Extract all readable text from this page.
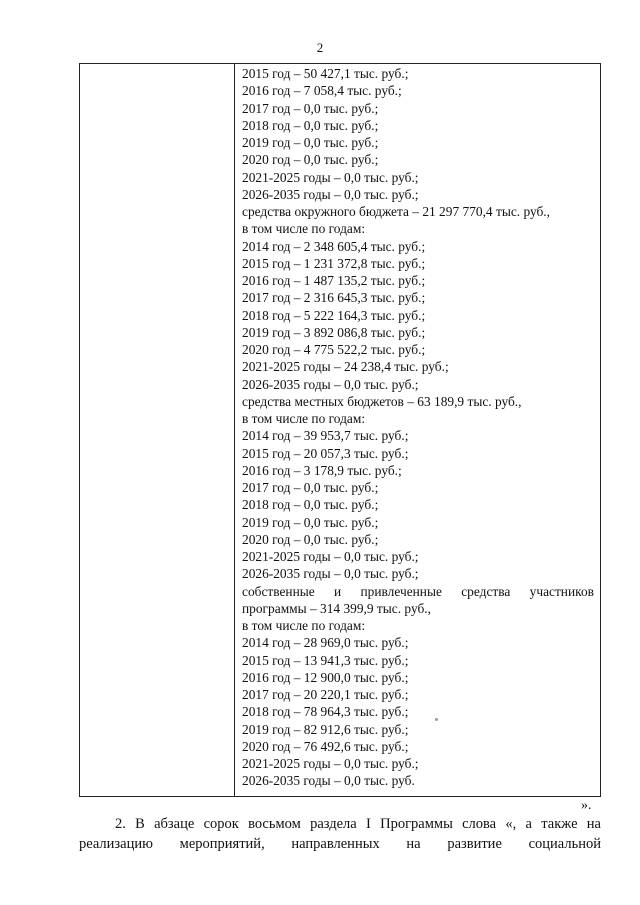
2
2015 год – 50 427,1 тыс. руб.;
2016 год – 7 058,4 тыс. руб.;
2017 год – 0,0 тыс. руб.;
2018 год – 0,0 тыс. руб.;
2019 год – 0,0 тыс. руб.;
2020 год – 0,0 тыс. руб.;
2021-2025 годы – 0,0 тыс. руб.;
2026-2035 годы – 0,0 тыс. руб.;
средства окружного бюджета – 21 297 770,4 тыс. руб.,
в том числе по годам:
2014 год – 2 348 605,4 тыс. руб.;
2015 год – 1 231 372,8 тыс. руб.;
2016 год – 1 487 135,2 тыс. руб.;
2017 год – 2 316 645,3 тыс. руб.;
2018 год – 5 222 164,3 тыс. руб.;
2019 год – 3 892 086,8 тыс. руб.;
2020 год – 4 775 522,2 тыс. руб.;
2021-2025 годы – 24 238,4 тыс. руб.;
2026-2035 годы – 0,0 тыс. руб.;
средства местных бюджетов – 63 189,9 тыс. руб.,
в том числе по годам:
2014 год – 39 953,7 тыс. руб.;
2015 год – 20 057,3 тыс. руб.;
2016 год – 3 178,9 тыс. руб.;
2017 год – 0,0 тыс. руб.;
2018 год – 0,0 тыс. руб.;
2019 год – 0,0 тыс. руб.;
2020 год – 0,0 тыс. руб.;
2021-2025 годы – 0,0 тыс. руб.;
2026-2035 годы – 0,0 тыс. руб.;
собственные и привлеченные средства участников
программы – 314 399,9 тыс. руб.,
в том числе по годам:
2014 год – 28 969,0 тыс. руб.;
2015 год – 13 941,3 тыс. руб.;
2016 год – 12 900,0 тыс. руб.;
2017 год – 20 220,1 тыс. руб.;
2018 год – 78 964,3 тыс. руб.;
2019 год – 82 912,6 тыс. руб.;
2020 год – 76 492,6 тыс. руб.;
2021-2025 годы – 0,0 тыс. руб.;
2026-2035 годы – 0,0 тыс. руб.
».
2. В абзаце сорок восьмом раздела I Программы слова «, а также на
реализацию мероприятий, направленных на развитие социальной
